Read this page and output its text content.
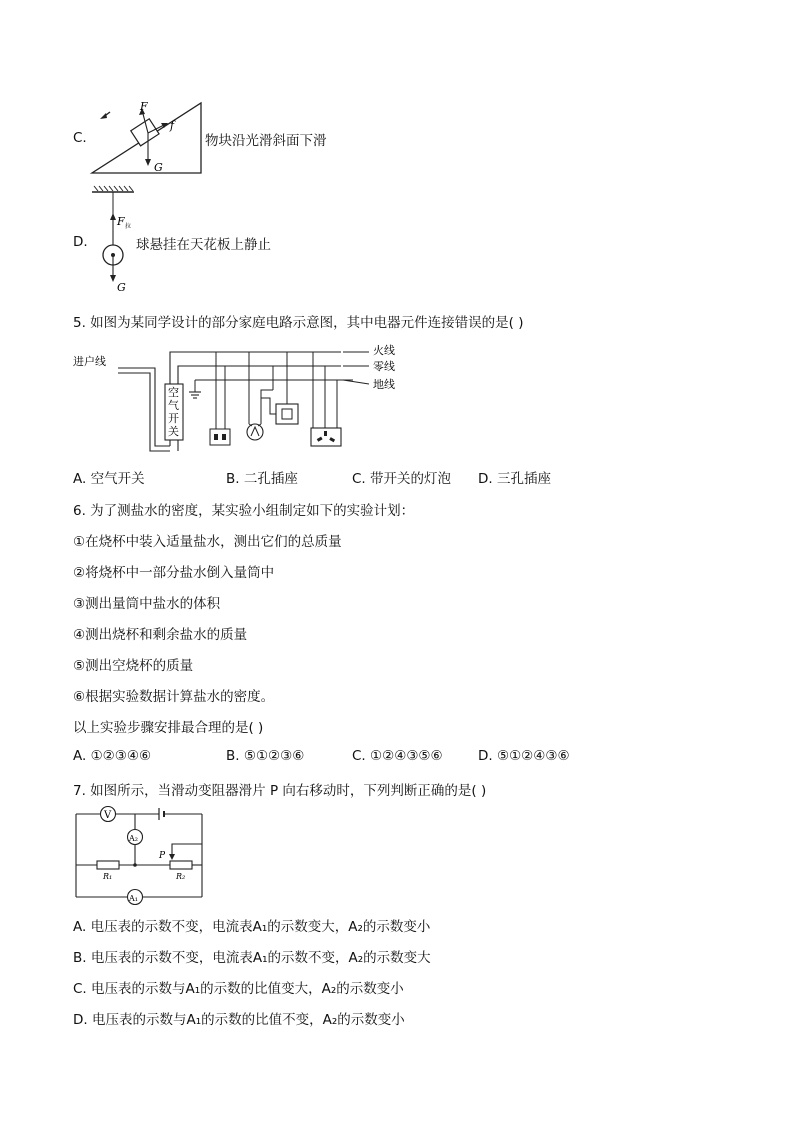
C.
F
f
G
物块沿光滑斜面下滑
D.
F 拉
G
球悬挂在天花板上静止
5. 如图为某同学设计的部分家庭电路示意图，其中电器元件连接错误的是( )
进户线
空
气
开
关
火线
零线
地线
A. 空气开关	B. 二孔插座	C. 带开关的灯泡 D. 三孔插座
6. 为了测盐水的密度，某实验小组制定如下的实验计划：
①在烧杯中装入适量盐水，测出它们的总质量
②将烧杯中一部分盐水倒入量筒中
③测出量筒中盐水的体积
④测出烧杯和剩余盐水的质量
⑤测出空烧杯的质量
⑥根据实验数据计算盐水的密度。
以上实验步骤安排最合理的是( )
A. ①②③④⑥	B. ⑤①②③⑥	C. ①②④③⑤⑥	D. ⑤①②④③⑥
7. 如图所示，当滑动变阻器滑片 P 向右移动时，下列判断正确的是( )
V
A₂
P
R₁	R₂
A₁
A. 电压表的示数不变，电流表A₁的示数变大，A₂的示数变小
B. 电压表的示数不变，电流表A₁的示数不变，A₂的示数变大
C. 电压表的示数与A₁的示数的比值变大，A₂的示数变小
D. 电压表的示数与A₁的示数的比值不变，A₂的示数变小
